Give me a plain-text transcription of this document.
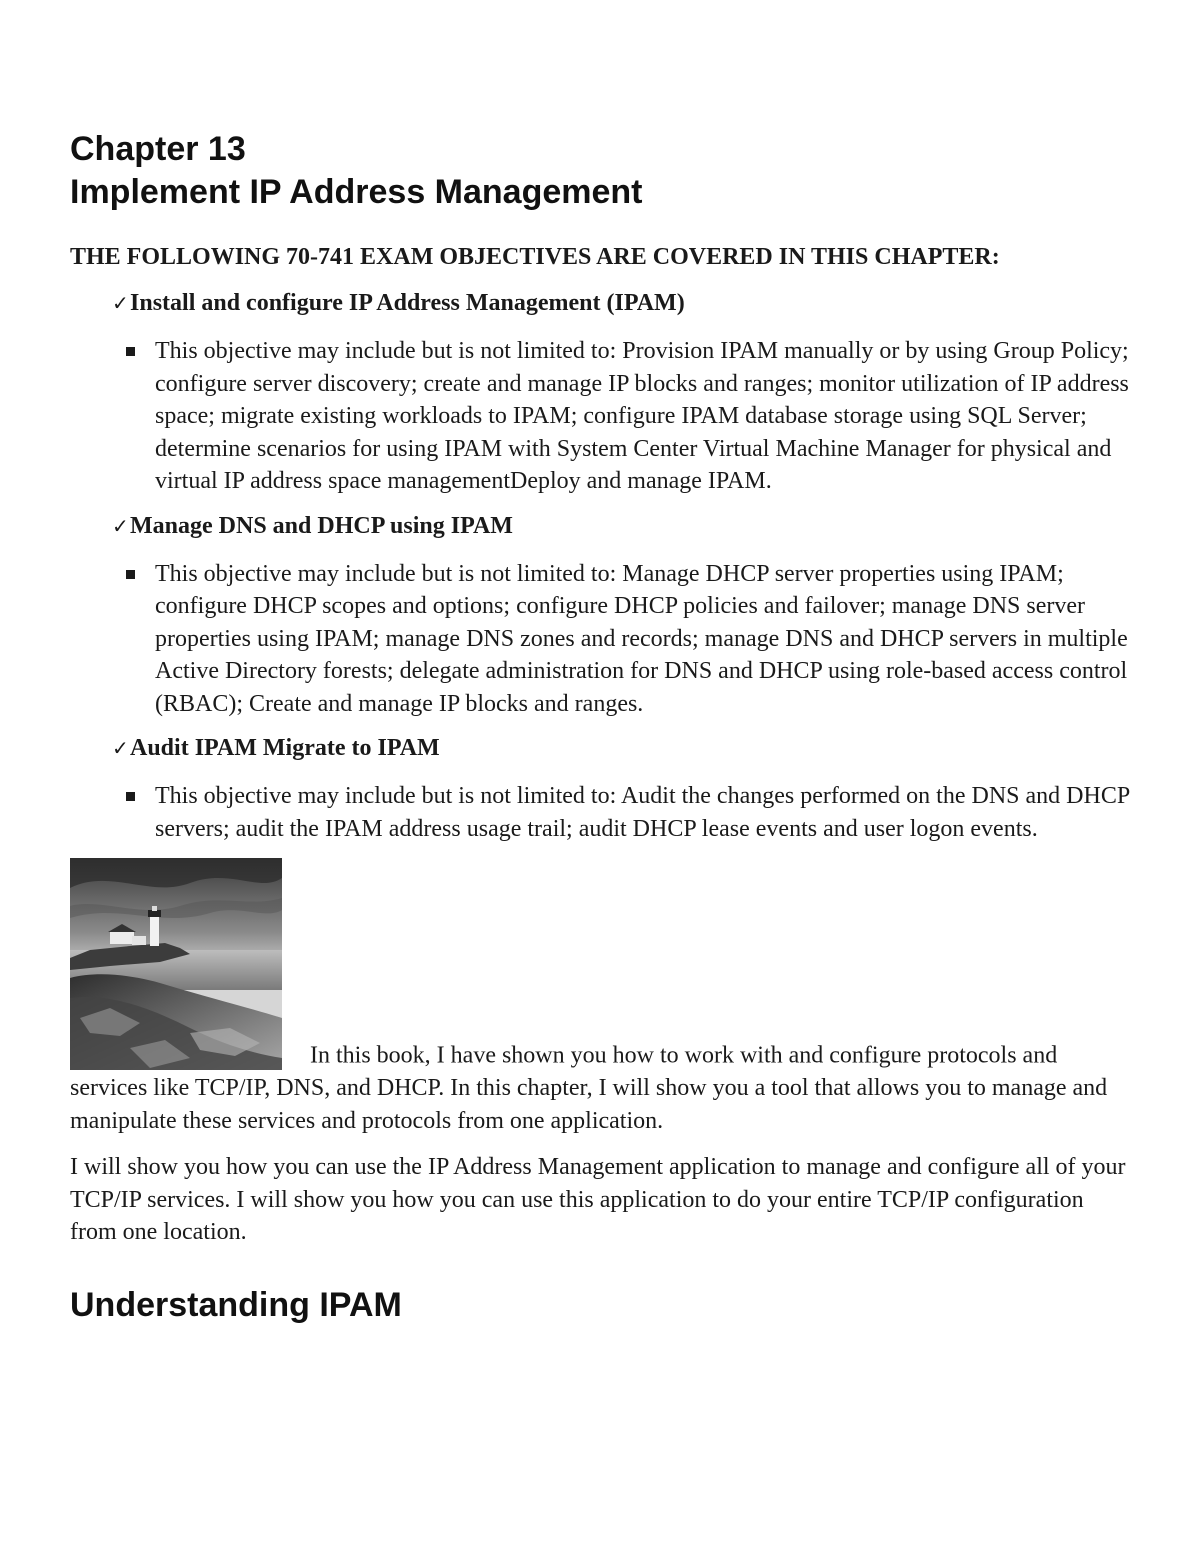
Chapter 13
Implement IP Address Management
THE FOLLOWING 70-741 EXAM OBJECTIVES ARE COVERED IN THIS CHAPTER:
✓Install and configure IP Address Management (IPAM)
This objective may include but is not limited to: Provision IPAM manually or by using Group Policy; configure server discovery; create and manage IP blocks and ranges; monitor utilization of IP address space; migrate existing workloads to IPAM; configure IPAM database storage using SQL Server; determine scenarios for using IPAM with System Center Virtual Machine Manager for physical and virtual IP address space managementDeploy and manage IPAM.
✓Manage DNS and DHCP using IPAM
This objective may include but is not limited to: Manage DHCP server properties using IPAM; configure DHCP scopes and options; configure DHCP policies and failover; manage DNS server properties using IPAM; manage DNS zones and records; manage DNS and DHCP servers in multiple Active Directory forests; delegate administration for DNS and DHCP using role-based access control (RBAC); Create and manage IP blocks and ranges.
✓Audit IPAM Migrate to IPAM
This objective may include but is not limited to: Audit the changes performed on the DNS and DHCP servers; audit the IPAM address usage trail; audit DHCP lease events and user logon events.
In this book, I have shown you how to work with and configure protocols and services like TCP/IP, DNS, and DHCP. In this chapter, I will show you a tool that allows you to manage and manipulate these services and protocols from one application.

I will show you how you can use the IP Address Management application to manage and configure all of your TCP/IP services. I will show you how you can use this application to do your entire TCP/IP configuration from one location.

Understanding IPAM
